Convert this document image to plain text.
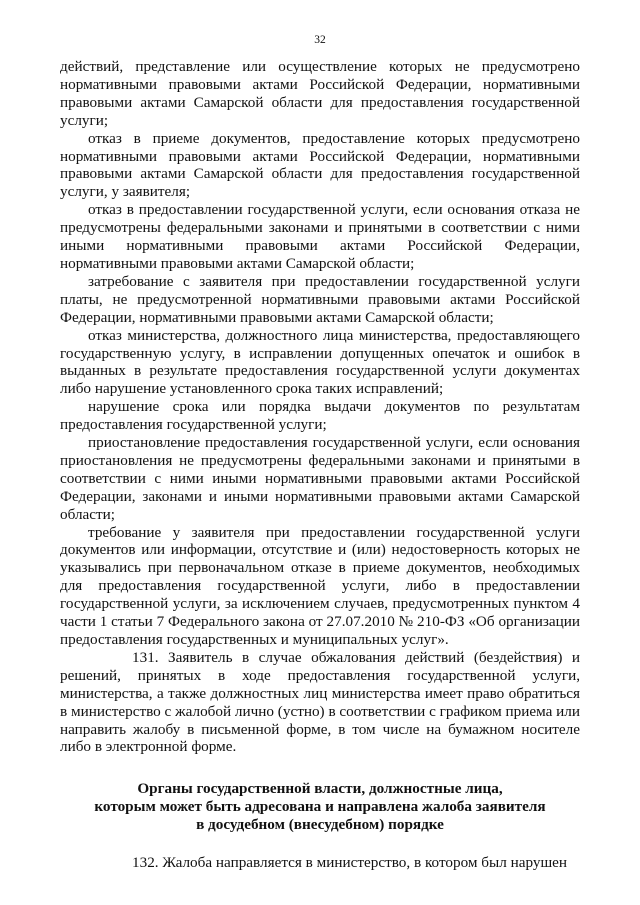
32

действий, представление или осуществление которых не предусмотрено нормативными правовыми актами Российской Федерации, нормативными правовыми актами Самарской области для предоставления государственной услуги;

отказ в приеме документов, предоставление которых предусмотрено нормативными правовыми актами Российской Федерации, нормативными правовыми актами Самарской области для предоставления государственной услуги, у заявителя;

отказ в предоставлении государственной услуги, если основания отказа не предусмотрены федеральными законами и принятыми в соответствии с ними иными нормативными правовыми актами Российской Федерации, нормативными правовыми актами Самарской области;

затребование с заявителя при предоставлении государственной услуги платы, не предусмотренной нормативными правовыми актами Российской Федерации, нормативными правовыми актами Самарской области;

отказ министерства, должностного лица министерства, предоставляющего государственную услугу, в исправлении допущенных опечаток и ошибок в выданных в результате предоставления государственной услуги документах либо нарушение установленного срока таких исправлений;

нарушение срока или порядка выдачи документов по результатам предоставления государственной услуги;

приостановление предоставления государственной услуги, если основания приостановления не предусмотрены федеральными законами и принятыми в соответствии с ними иными нормативными правовыми актами Российской Федерации, законами и иными нормативными правовыми актами Самарской области;

требование у заявителя при предоставлении государственной услуги документов или информации, отсутствие и (или) недостоверность которых не указывались при первоначальном отказе в приеме документов, необходимых для предоставления государственной услуги, либо в предоставлении государственной услуги, за исключением случаев, предусмотренных пунктом 4 части 1 статьи 7 Федерального закона от 27.07.2010 № 210-ФЗ «Об организации предоставления государственных и муниципальных услуг».

131. Заявитель в случае обжалования действий (бездействия) и решений, принятых в ходе предоставления государственной услуги, министерства, а также должностных лиц министерства имеет право обратиться в министерство с жалобой лично (устно) в соответствии с графиком приема или направить жалобу в письменной форме, в том числе на бумажном носителе либо в электронной форме.

Органы государственной власти, должностные лица,
которым может быть адресована и направлена жалоба заявителя
в досудебном (внесудебном) порядке

132. Жалоба направляется в министерство, в котором был нарушен
